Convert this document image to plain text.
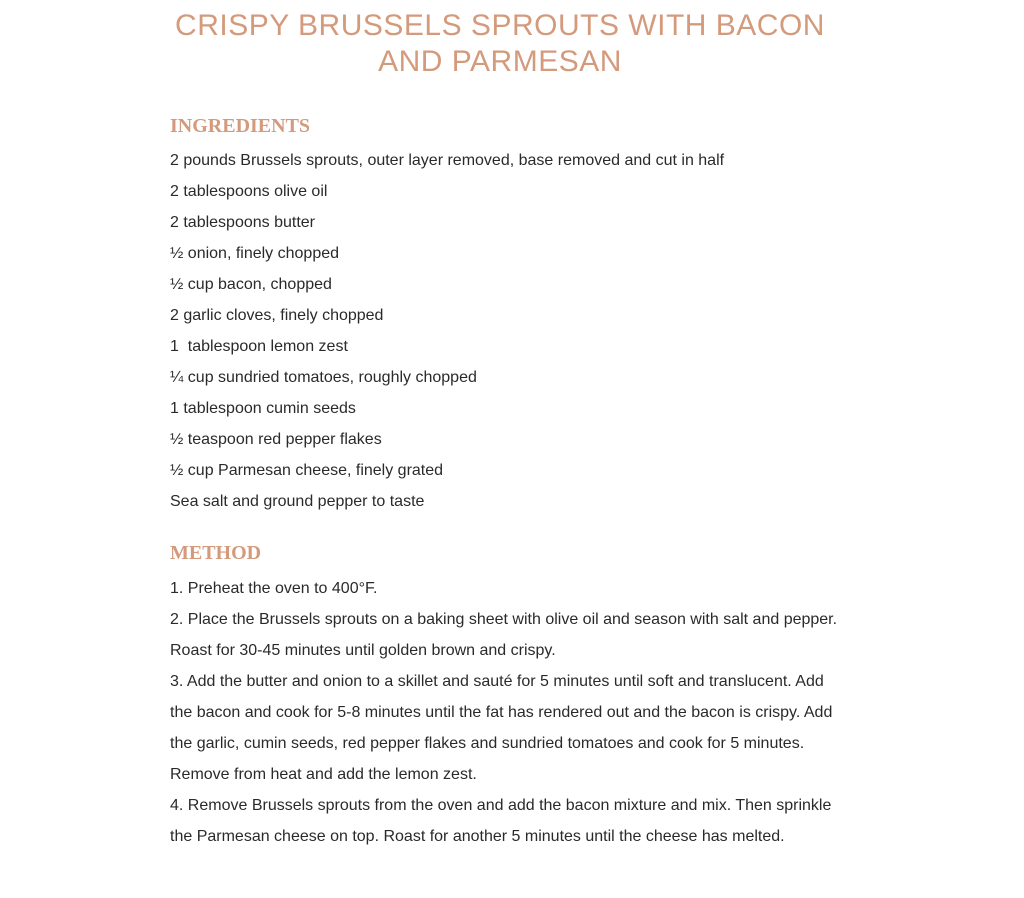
CRISPY BRUSSELS SPROUTS WITH BACON AND PARMESAN
INGREDIENTS
2 pounds Brussels sprouts, outer layer removed, base removed and cut in half
2 tablespoons olive oil
2 tablespoons butter
½ onion, finely chopped
½ cup bacon, chopped
2 garlic cloves, finely chopped
1  tablespoon lemon zest
¼ cup sundried tomatoes, roughly chopped
1 tablespoon cumin seeds
½ teaspoon red pepper flakes
½ cup Parmesan cheese, finely grated
Sea salt and ground pepper to taste
METHOD

1. Preheat the oven to 400°F.

2. Place the Brussels sprouts on a baking sheet with olive oil and season with salt and pepper. Roast for 30-45 minutes until golden brown and crispy.

3. Add the butter and onion to a skillet and sauté for 5 minutes until soft and translucent. Add the bacon and cook for 5-8 minutes until the fat has rendered out and the bacon is crispy. Add the garlic, cumin seeds, red pepper flakes and sundried tomatoes and cook for 5 minutes. Remove from heat and add the lemon zest.

4. Remove Brussels sprouts from the oven and add the bacon mixture and mix. Then sprinkle the Parmesan cheese on top. Roast for another 5 minutes until the cheese has melted.
